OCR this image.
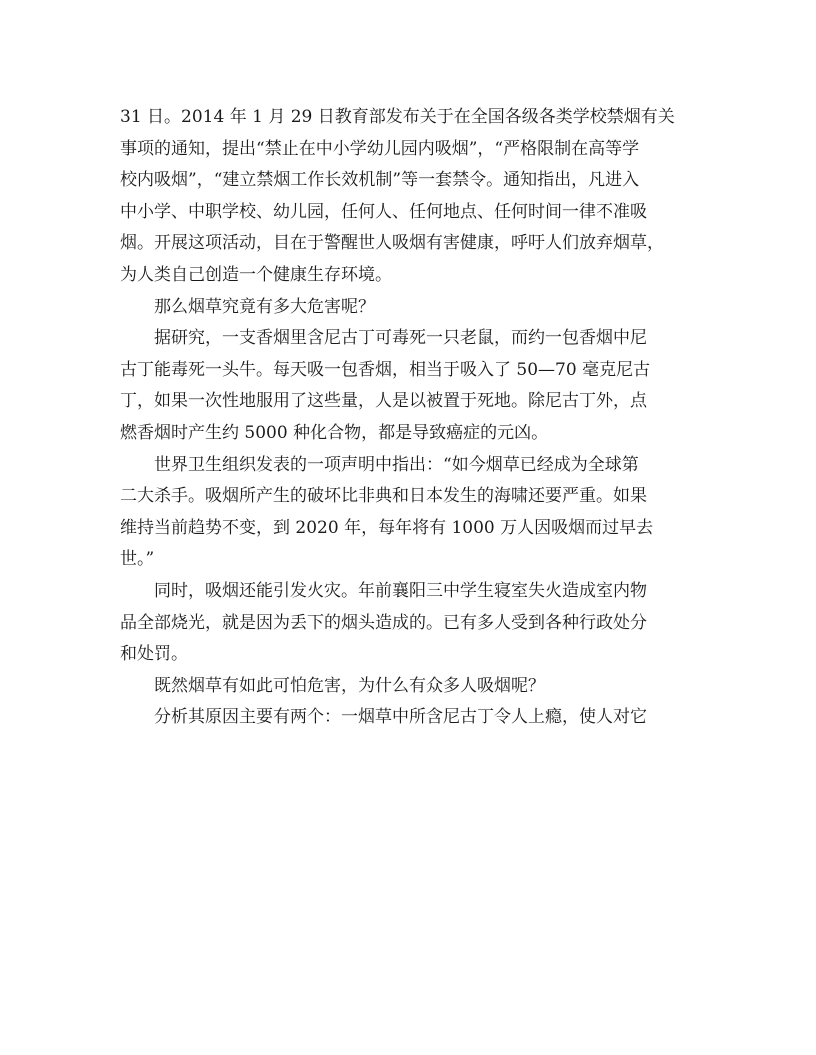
31 日。2014 年 1 月 29 日教育部发布关于在全国各级各类学校禁烟有关
事项的通知，提出“禁止在中小学幼儿园内吸烟”，“严格限制在高等学
校内吸烟”，“建立禁烟工作长效机制”等一套禁令。通知指出，凡进入
中小学、中职学校、幼儿园，任何人、任何地点、任何时间一律不准吸
烟。开展这项活动，目在于警醒世人吸烟有害健康，呼吁人们放弃烟草，
为人类自己创造一个健康生存环境。
那么烟草究竟有多大危害呢？
据研究，一支香烟里含尼古丁可毒死一只老鼠，而约一包香烟中尼
古丁能毒死一头牛。每天吸一包香烟，相当于吸入了 50—70 毫克尼古
丁，如果一次性地服用了这些量，人是以被置于死地。除尼古丁外，点
燃香烟时产生约 5000 种化合物，都是导致癌症的元凶。
世界卫生组织发表的一项声明中指出：“如今烟草已经成为全球第
二大杀手。吸烟所产生的破坏比非典和日本发生的海啸还要严重。如果
维持当前趋势不变，到 2020 年，每年将有 1000 万人因吸烟而过早去
世。”
同时，吸烟还能引发火灾。年前襄阳三中学生寝室失火造成室内物
品全部烧光，就是因为丢下的烟头造成的。已有多人受到各种行政处分
和处罚。
既然烟草有如此可怕危害，为什么有众多人吸烟呢？
分析其原因主要有两个：一烟草中所含尼古丁令人上瘾，使人对它
